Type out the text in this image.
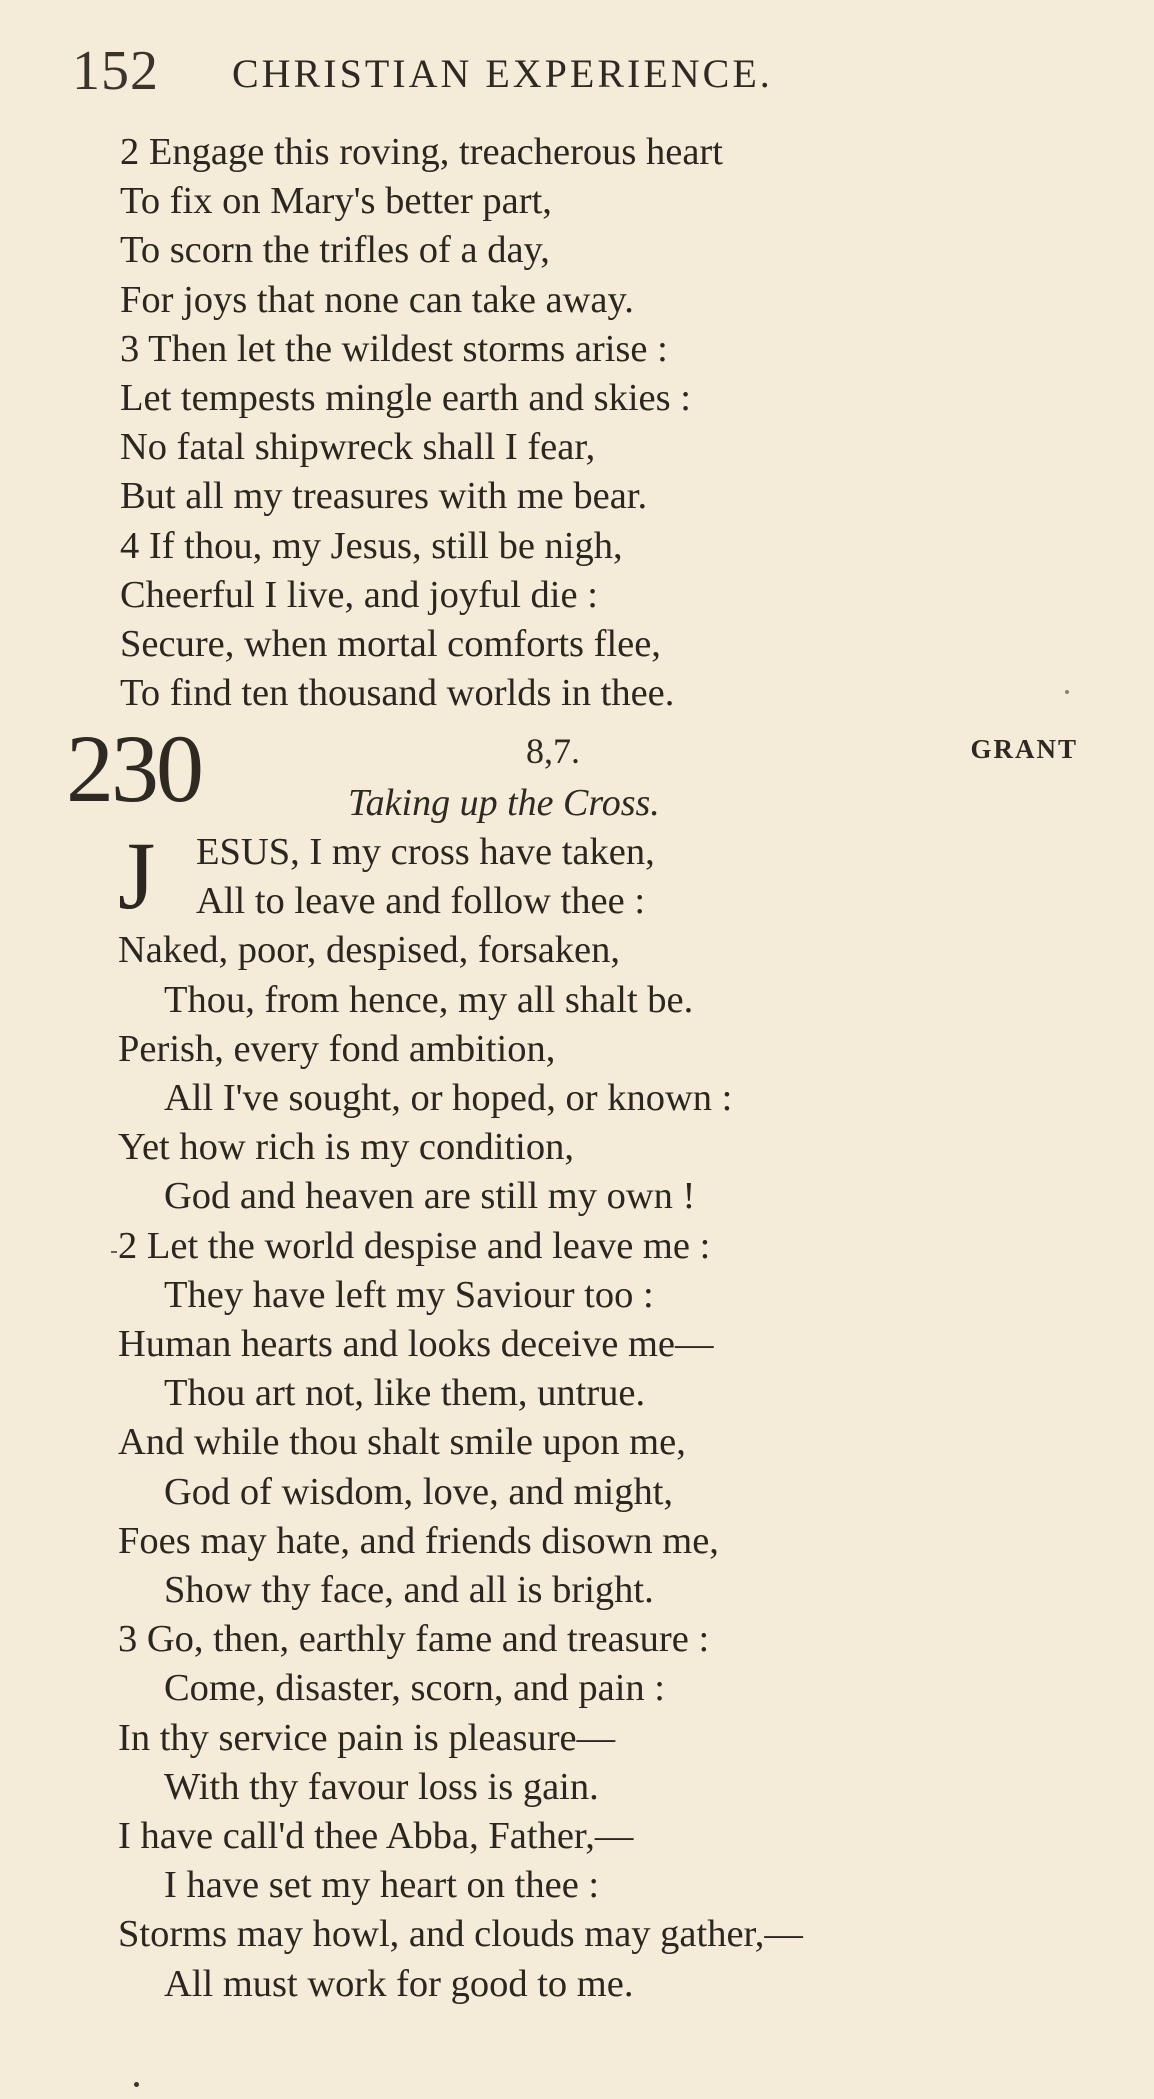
152 CHRISTIAN EXPERIENCE.
2 Engage this roving, treacherous heart
To fix on Mary's better part,
To scorn the trifles of a day,
For joys that none can take away.
3 Then let the wildest storms arise :
Let tempests mingle earth and skies :
No fatal shipwreck shall I fear,
But all my treasures with me bear.
4 If thou, my Jesus, still be nigh,
Cheerful I live, and joyful die :
Secure, when mortal comforts flee,
To find ten thousand worlds in thee.
230	8,7.	GRANT
Taking up the Cross.
J	ESUS, I my cross have taken,
All to leave and follow thee :
Naked, poor, despised, forsaken,
Thou, from hence, my all shalt be.
Perish, every fond ambition,
All I've sought, or hoped, or known :
Yet how rich is my condition,
God and heaven are still my own !
2 Let the world despise and leave me :
They have left my Saviour too :
Human hearts and looks deceive me—
Thou art not, like them, untrue.
And while thou shalt smile upon me,
God of wisdom, love, and might,
Foes may hate, and friends disown me,
Show thy face, and all is bright.
3 Go, then, earthly fame and treasure :
Come, disaster, scorn, and pain :
In thy service pain is pleasure—
With thy favour loss is gain.
I have call'd thee Abba, Father,—
I have set my heart on thee :
Storms may howl, and clouds may gather,—
All must work for good to me.
